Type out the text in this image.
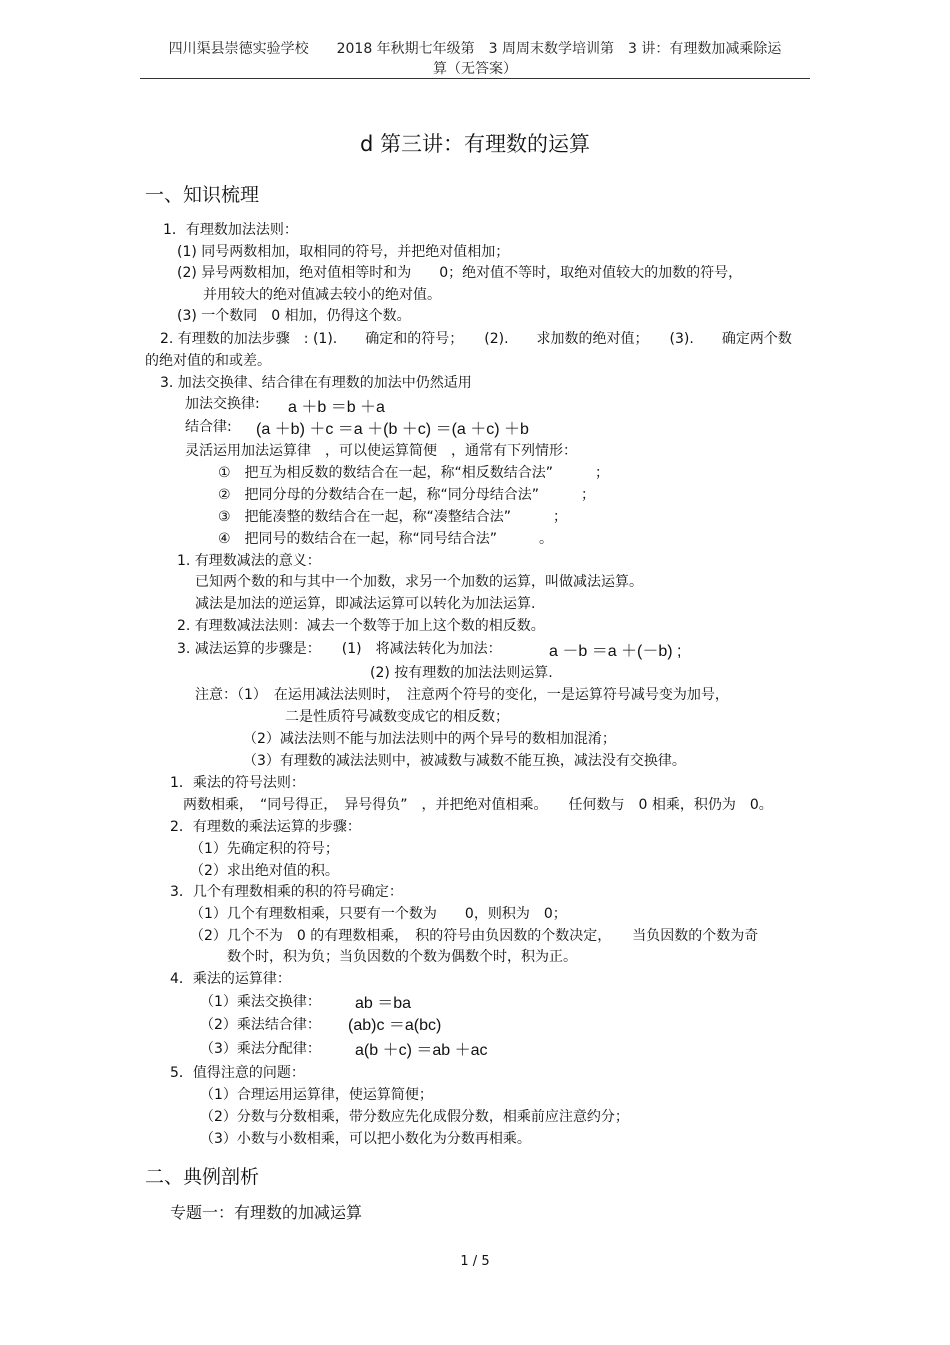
四川渠县崇德实验学校　　2018 年秋期七年级第　3 周周末数学培训第　3 讲：有理数加减乘除运
算（无答案）
d 第三讲：有理数的运算
一、知识梳理
1．有理数加法法则：
(1) 同号两数相加，取相同的符号，并把绝对值相加；
(2) 异号两数相加，绝对值相等时和为　　0；绝对值不等时，取绝对值较大的加数的符号，
并用较大的绝对值减去较小的绝对值。
(3) 一个数同　0 相加，仍得这个数。
2. 有理数的加法步骤　: (1).　　确定和的符号；　　(2).　　求加数的绝对值；　　(3).　　确定两个数
的绝对值的和或差。
3. 加法交换律、结合律在有理数的加法中仍然适用
加法交换律: a ＋b ＝b ＋a
结合律: (a ＋b) ＋c ＝a ＋(b ＋c) ＝(a ＋c) ＋b
灵活运用加法运算律　，可以使运算简便　，通常有下列情形：
①　把互为相反数的数结合在一起，称“相反数结合法”　　　；
②　把同分母的分数结合在一起，称“同分母结合法”　　　；
③　把能凑整的数结合在一起，称“凑整结合法”　　　；
④　把同号的数结合在一起，称“同号结合法”　　　。
1. 有理数减法的意义：
已知两个数的和与其中一个加数，求另一个加数的运算，叫做减法运算。
减法是加法的逆运算，即减法运算可以转化为加法运算.
2. 有理数减法法则：减去一个数等于加上这个数的相反数。
3. 减法运算的步骤是：　　(1)　将减法转化为加法：	a －b ＝a ＋(－b) ;
(2) 按有理数的加法法则运算.
注意：（1）　在运用减法法则时，　注意两个符号的变化，一是运算符号减号变为加号，
二是性质符号减数变成它的相反数；
（2）减法法则不能与加法法则中的两个异号的数相加混淆；
（3）有理数的减法法则中，被减数与减数不能互换，减法没有交换律。
1．乘法的符号法则：
两数相乘，　“同号得正，　异号得负”　，并把绝对值相乘。　　任何数与　0 相乘，积仍为　0。
2．有理数的乘法运算的步骤：
（1）先确定积的符号；
（2）求出绝对值的积。
3．几个有理数相乘的积的符号确定：
（1）几个有理数相乘，只要有一个数为　　0，则积为　0；
（2）几个不为　0 的有理数相乘，　积的符号由负因数的个数决定，　　当负因数的个数为奇
数个时，积为负；当负因数的个数为偶数个时，积为正。
4．乘法的运算律：
（1）乘法交换律： ab ＝ba
（2）乘法结合律： (ab)c ＝a(bc)
（3）乘法分配律： a(b ＋c) ＝ab ＋ac
5．值得注意的问题：
（1）合理运用运算律，使运算简便；
（2）分数与分数相乘，带分数应先化成假分数，相乘前应注意约分；
（3）小数与小数相乘，可以把小数化为分数再相乘。
二、典例剖析
专题一：有理数的加减运算
1 / 5
